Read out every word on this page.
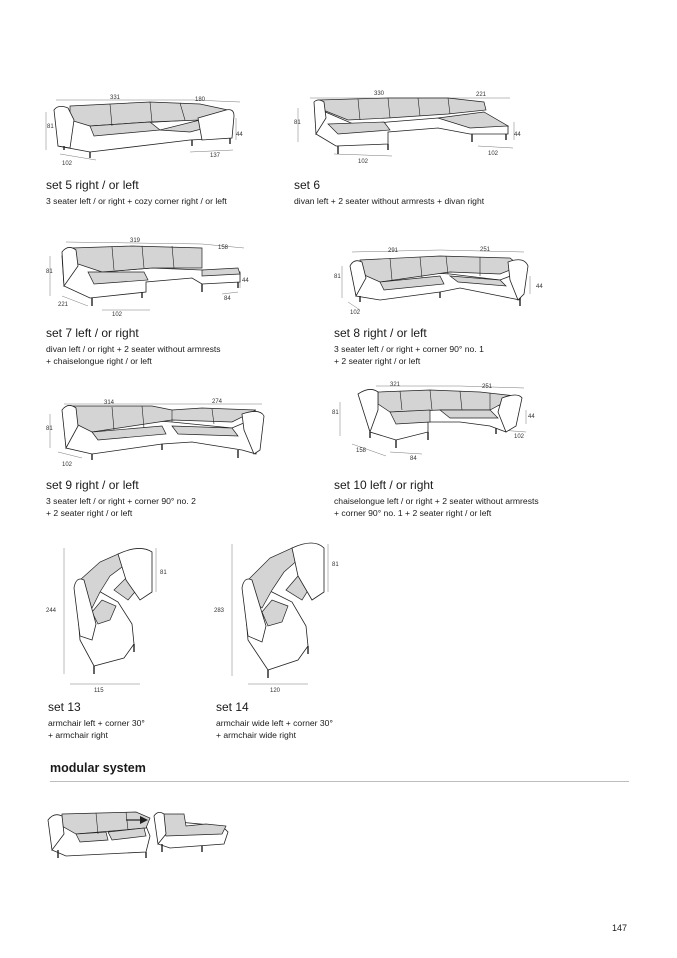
331	180
81
44
102
137
set 5 right / or left
3 seater left / or right + cozy corner right / or left
330	221
81
44
102
102
set 6
divan left + 2 seater without armrests + divan right
319
158
81
44
84
221
102
set 7 left / or right
divan left / or right + 2 seater without armrests
+ chaiselongue right / or left
291	251
81
44
102
set 8 right / or left
3 seater left / or right + corner 90° no. 1
+ 2 seater right / or left
314	274
81
102
set 9 right / or left
3 seater left / or right + corner 90° no. 2
+ 2 seater right / or left
321	251
81
44
102
158
84
set 10 left / or right
chaiselongue left / or right + 2 seater without armrests
+ corner 90° no. 1 + 2 seater right / or left
81
244
115
set 13
armchair left + corner 30°
+ armchair right
81
283
120
set 14
armchair wide left + corner 30°
+ armchair wide right
modular system
147
